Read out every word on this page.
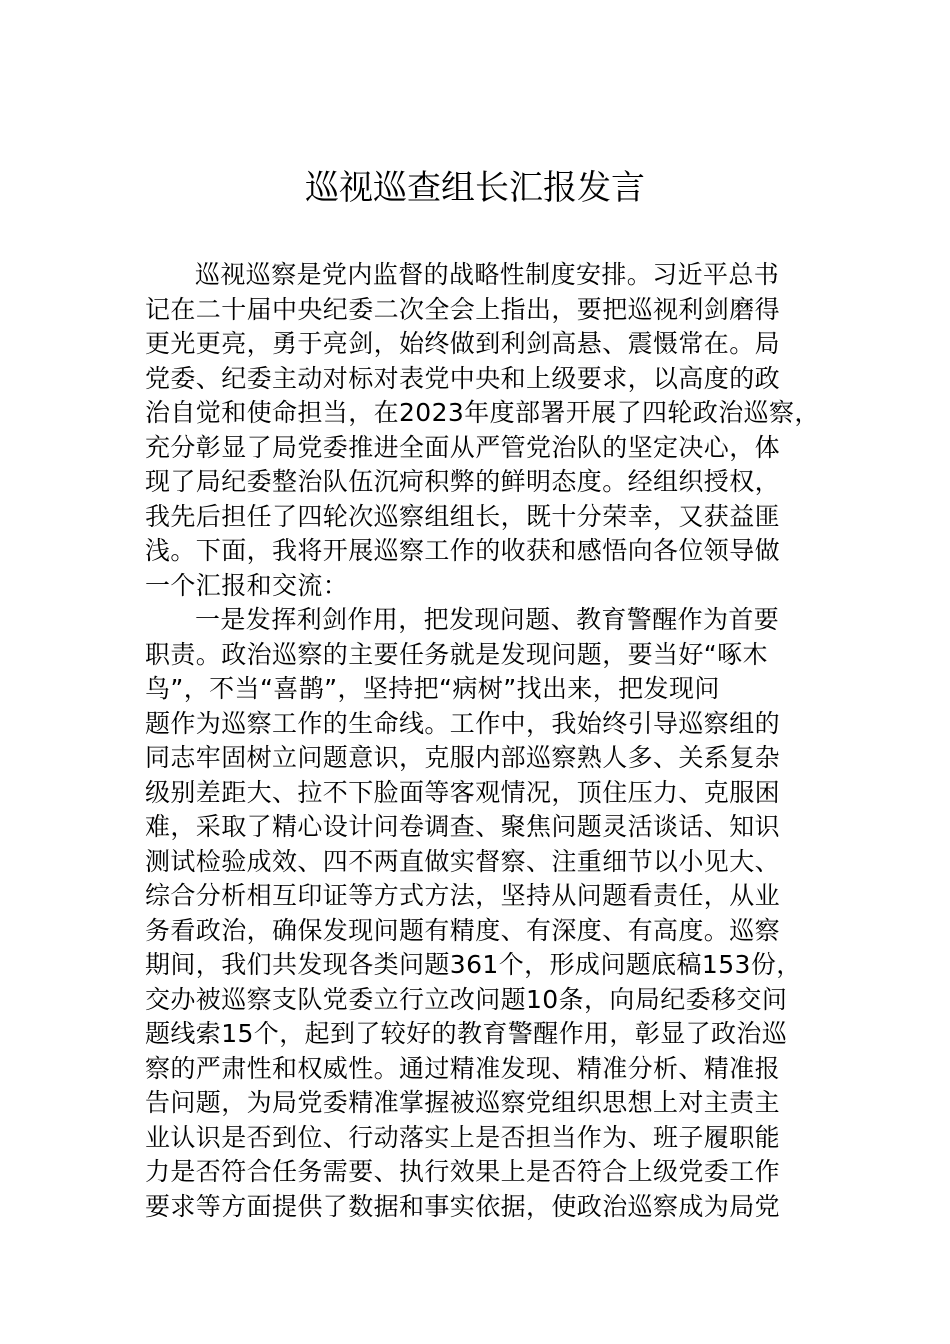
巡视巡查组长汇报发言
巡视巡察是党内监督的战略性制度安排。习近平总书
记在二十届中央纪委二次全会上指出，要把巡视利剑磨得
更光更亮，勇于亮剑，始终做到利剑高悬、震慑常在。局
党委、纪委主动对标对表党中央和上级要求，以高度的政
治自觉和使命担当，在2023年度部署开展了四轮政治巡察，
充分彰显了局党委推进全面从严管党治队的坚定决心，体
现了局纪委整治队伍沉疴积弊的鲜明态度。经组织授权，
我先后担任了四轮次巡察组组长，既十分荣幸，又获益匪
浅。下面，我将开展巡察工作的收获和感悟向各位领导做
一个汇报和交流：
一是发挥利剑作用，把发现问题、教育警醒作为首要
职责。政治巡察的主要任务就是发现问题，要当好“啄木
鸟”，不当“喜鹊”，坚持把“病树”找出来，把发现问
题作为巡察工作的生命线。工作中，我始终引导巡察组的
同志牢固树立问题意识，克服内部巡察熟人多、关系复杂
级别差距大、拉不下脸面等客观情况，顶住压力、克服困
难，采取了精心设计问卷调查、聚焦问题灵活谈话、知识
测试检验成效、四不两直做实督察、注重细节以小见大、
综合分析相互印证等方式方法，坚持从问题看责任，从业
务看政治，确保发现问题有精度、有深度、有高度。巡察
期间，我们共发现各类问题361个，形成问题底稿153份，
交办被巡察支队党委立行立改问题10条，向局纪委移交问
题线索15个，起到了较好的教育警醒作用，彰显了政治巡
察的严肃性和权威性。通过精准发现、精准分析、精准报
告问题，为局党委精准掌握被巡察党组织思想上对主责主
业认识是否到位、行动落实上是否担当作为、班子履职能
力是否符合任务需要、执行效果上是否符合上级党委工作
要求等方面提供了数据和事实依据，使政治巡察成为局党
